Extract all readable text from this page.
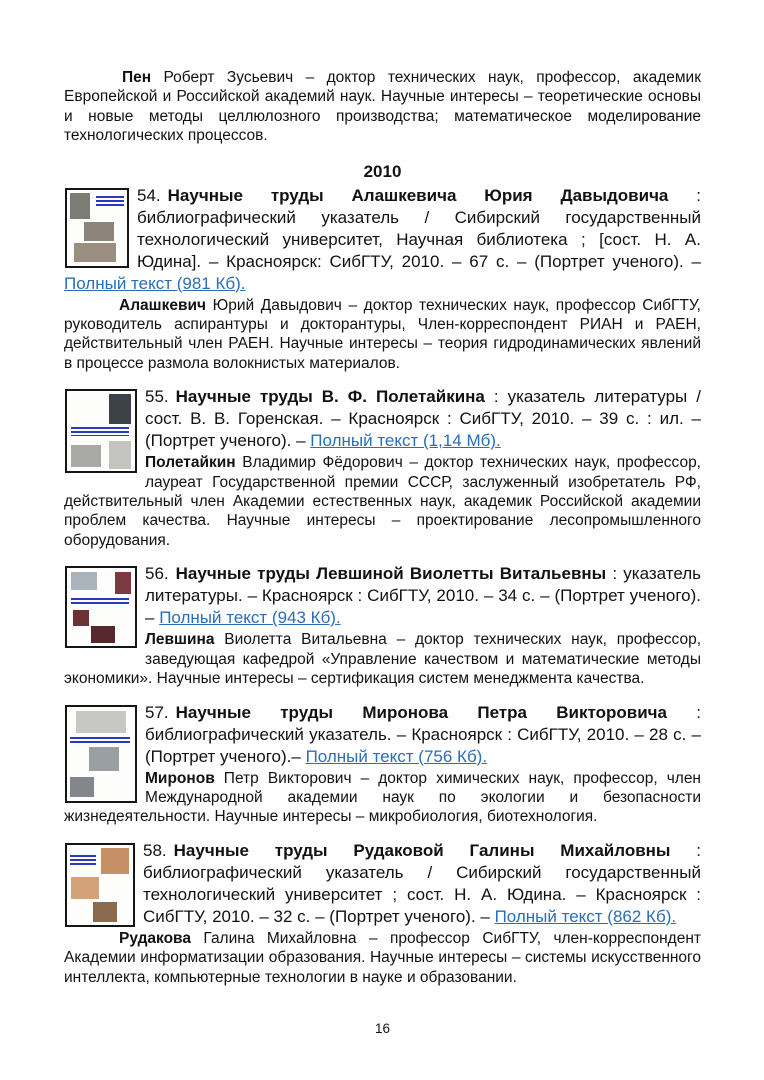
Пен Роберт Зусьевич – доктор технических наук, профессор, академик Европейской и Российской академий наук. Научные интересы – теоретические основы и новые методы целлюлозного производства; математическое моделирование технологических процессов.

2010

54. Научные труды Алашкевича Юрия Давыдовича : библиографический указатель / Сибирский государственный технологический университет, Научная библиотека ; [сост. Н. А. Юдина]. – Красноярск: СибГТУ, 2010. – 67 с. – (Портрет ученого). – Полный текст (981 Кб).

Алашкевич Юрий Давыдович – доктор технических наук, профессор СибГТУ, руководитель аспирантуры и докторантуры, Член-корреспондент РИАН и РАЕН, действительный член РАЕН. Научные интересы – теория гидродинамических явлений в процессе размола волокнистых материалов.

55. Научные труды В. Ф. Полетайкина : указатель литературы / сост. В. В. Горенская. – Красноярск : СибГТУ, 2010. – 39 с. : ил. – (Портрет ученого). – Полный текст (1,14 Мб).

Полетайкин Владимир Фёдорович – доктор технических наук, профессор, лауреат Государственной премии СССР, заслуженный изобретатель РФ, действительный член Академии естественных наук, академик Российской академии проблем качества. Научные интересы – проектирование лесопромышленного оборудования.

56. Научные труды Левшиной Виолетты Витальевны : указатель литературы. – Красноярск : СибГТУ, 2010. – 34 с. – (Портрет ученого). – Полный текст (943 Кб).

Левшина Виолетта Витальевна – доктор технических наук, профессор, заведующая кафедрой «Управление качеством и математические методы экономики». Научные интересы – сертификация систем менеджмента качества.

57. Научные труды Миронова Петра Викторовича : библиографический указатель. – Красноярск : СибГТУ, 2010. – 28 с. – (Портрет ученого).– Полный текст (756 Кб).

Миронов Петр Викторович – доктор химических наук, профессор, член Международной академии наук по экологии и безопасности жизнедеятельности. Научные интересы – микробиология, биотехнология.

58. Научные труды Рудаковой Галины Михайловны : библиографический указатель / Сибирский государственный технологический университет ; сост. Н. А. Юдина. – Красноярск : СибГТУ, 2010. – 32 с. – (Портрет ученого). – Полный текст (862 Кб).

Рудакова Галина Михайловна – профессор СибГТУ, член-корреспондент Академии информатизации образования. Научные интересы – системы искусственного интеллекта, компьютерные технологии в науке и образовании.

16
